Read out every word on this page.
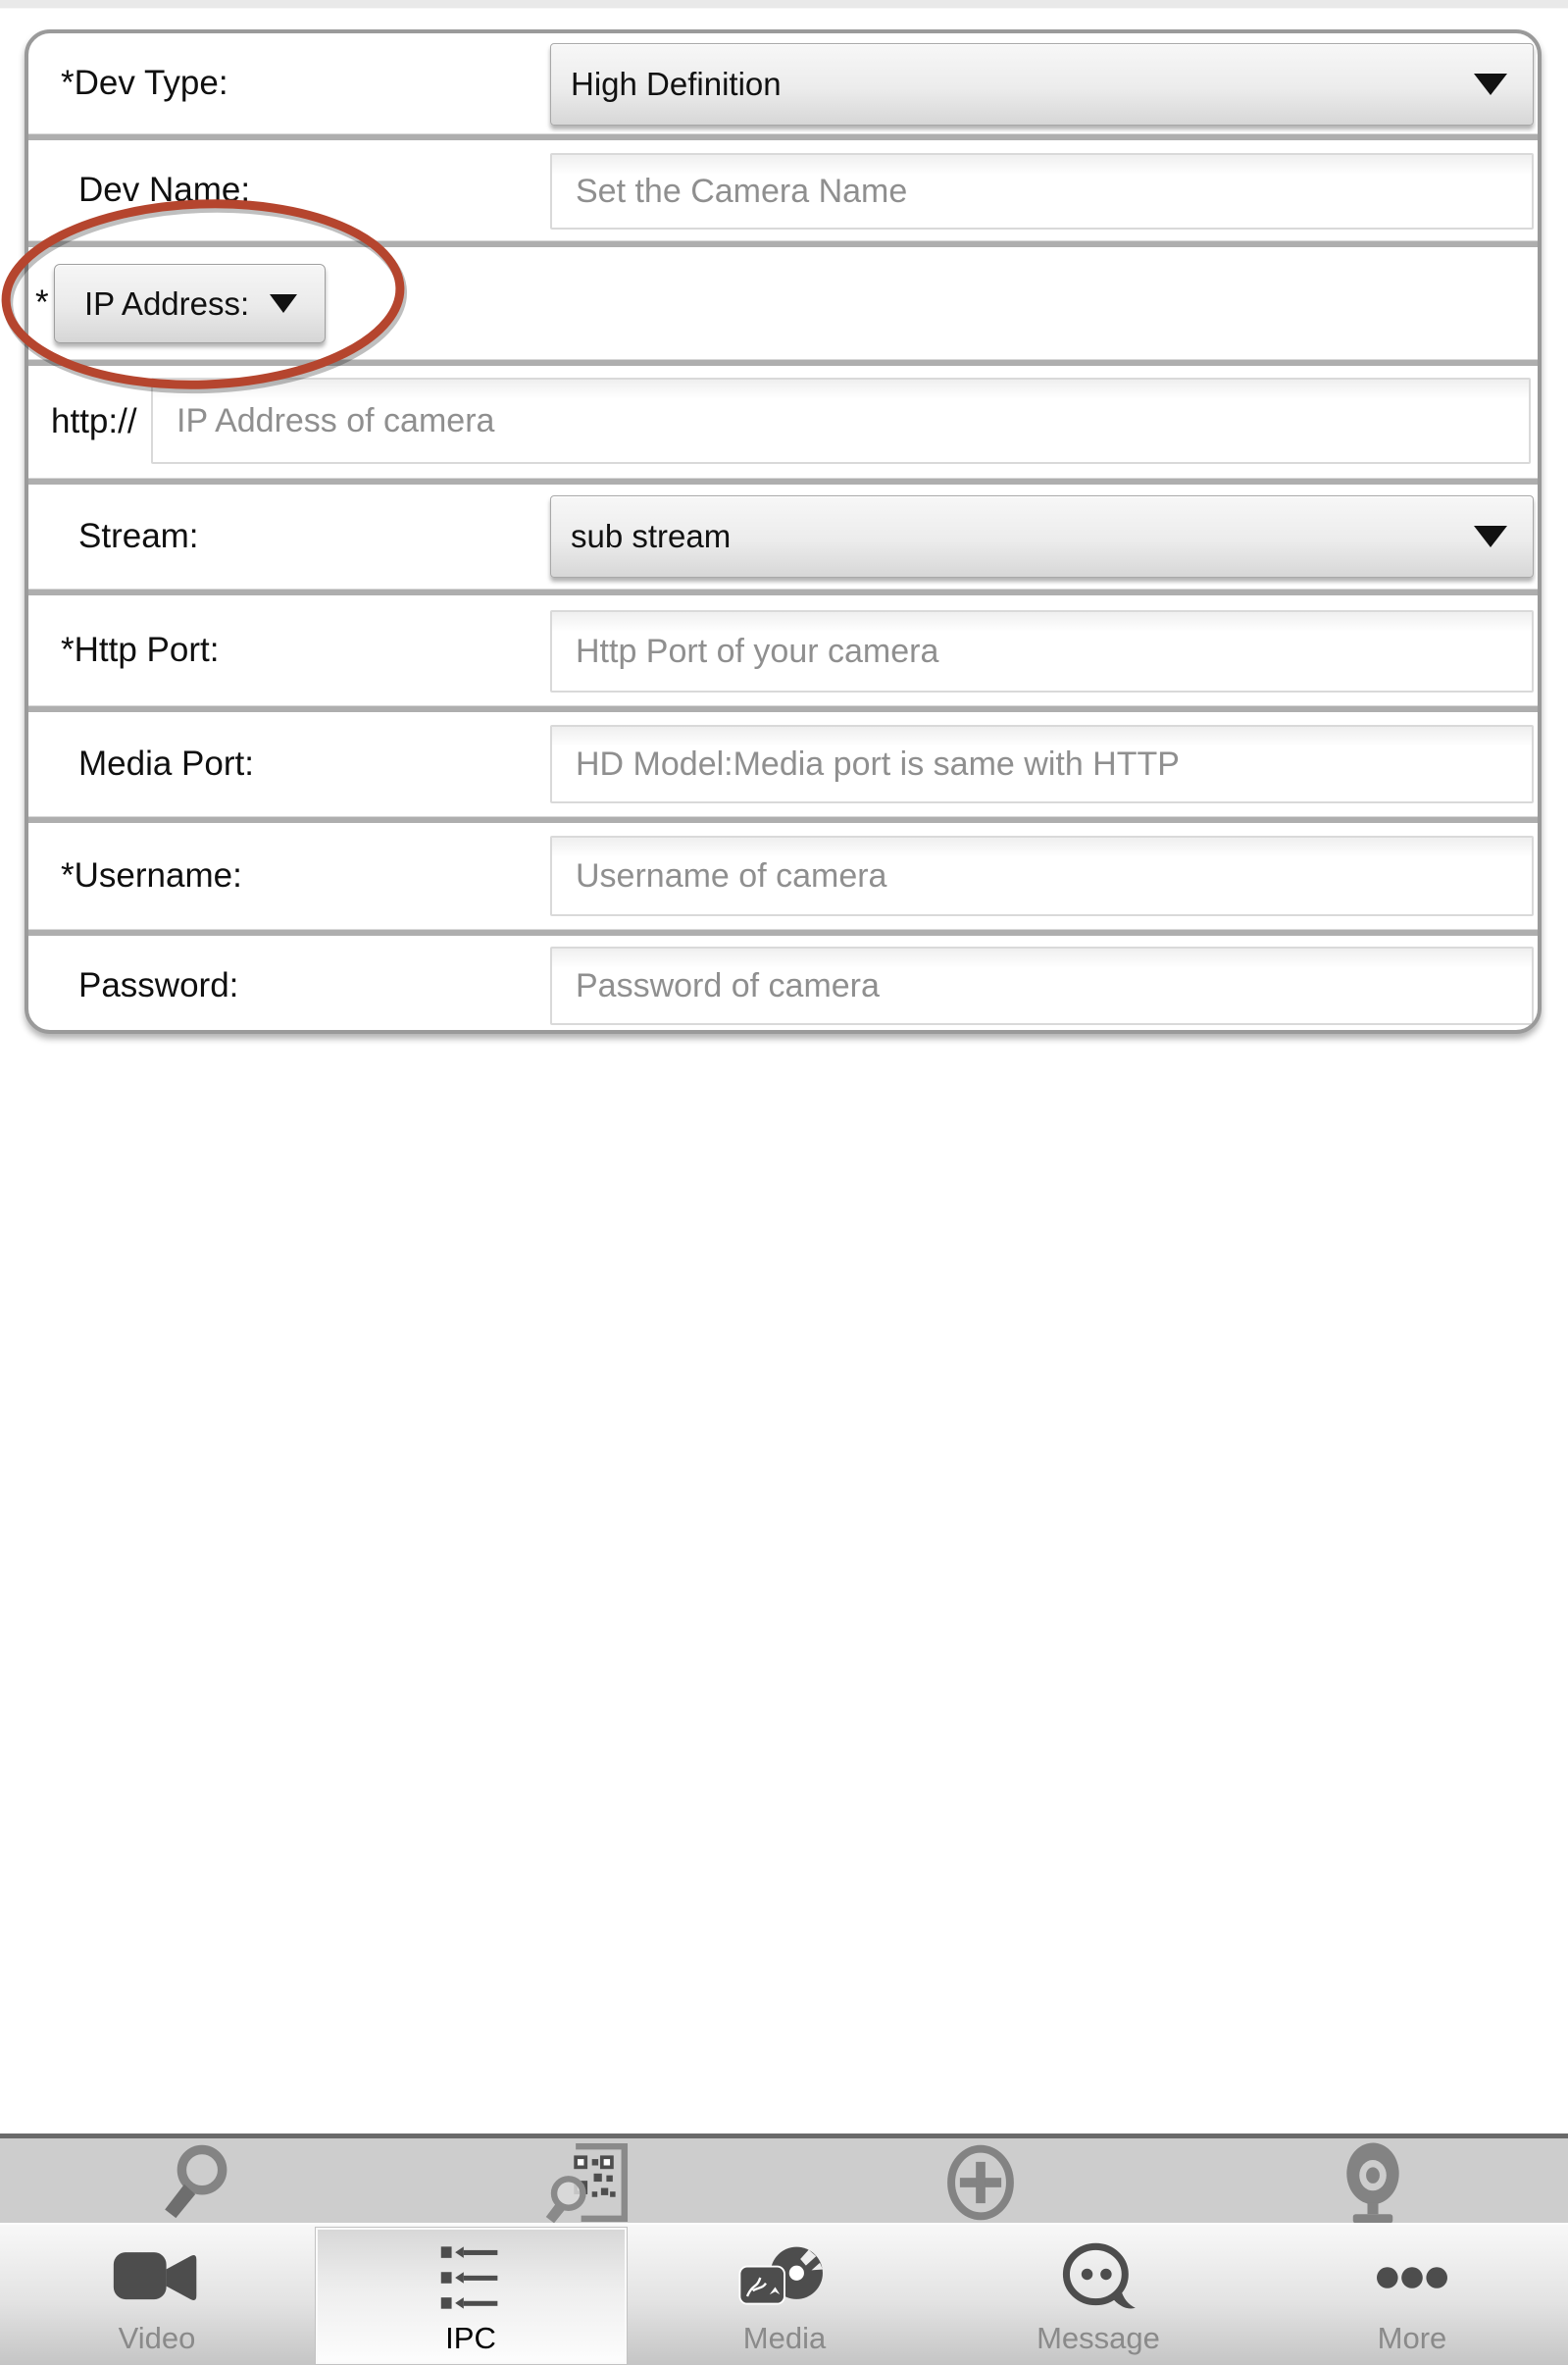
*Dev Type:	High Definition
Dev Name:
Set the Camera Name
*	IP Address:
http://
IP Address of camera
Stream:	sub stream
*Http Port:
Http Port of your camera
Media Port:
HD Model:Media port is same with HTTP
*Username:
Username of camera
Password:
Password of camera
Video	IPC	Media	Message	More
